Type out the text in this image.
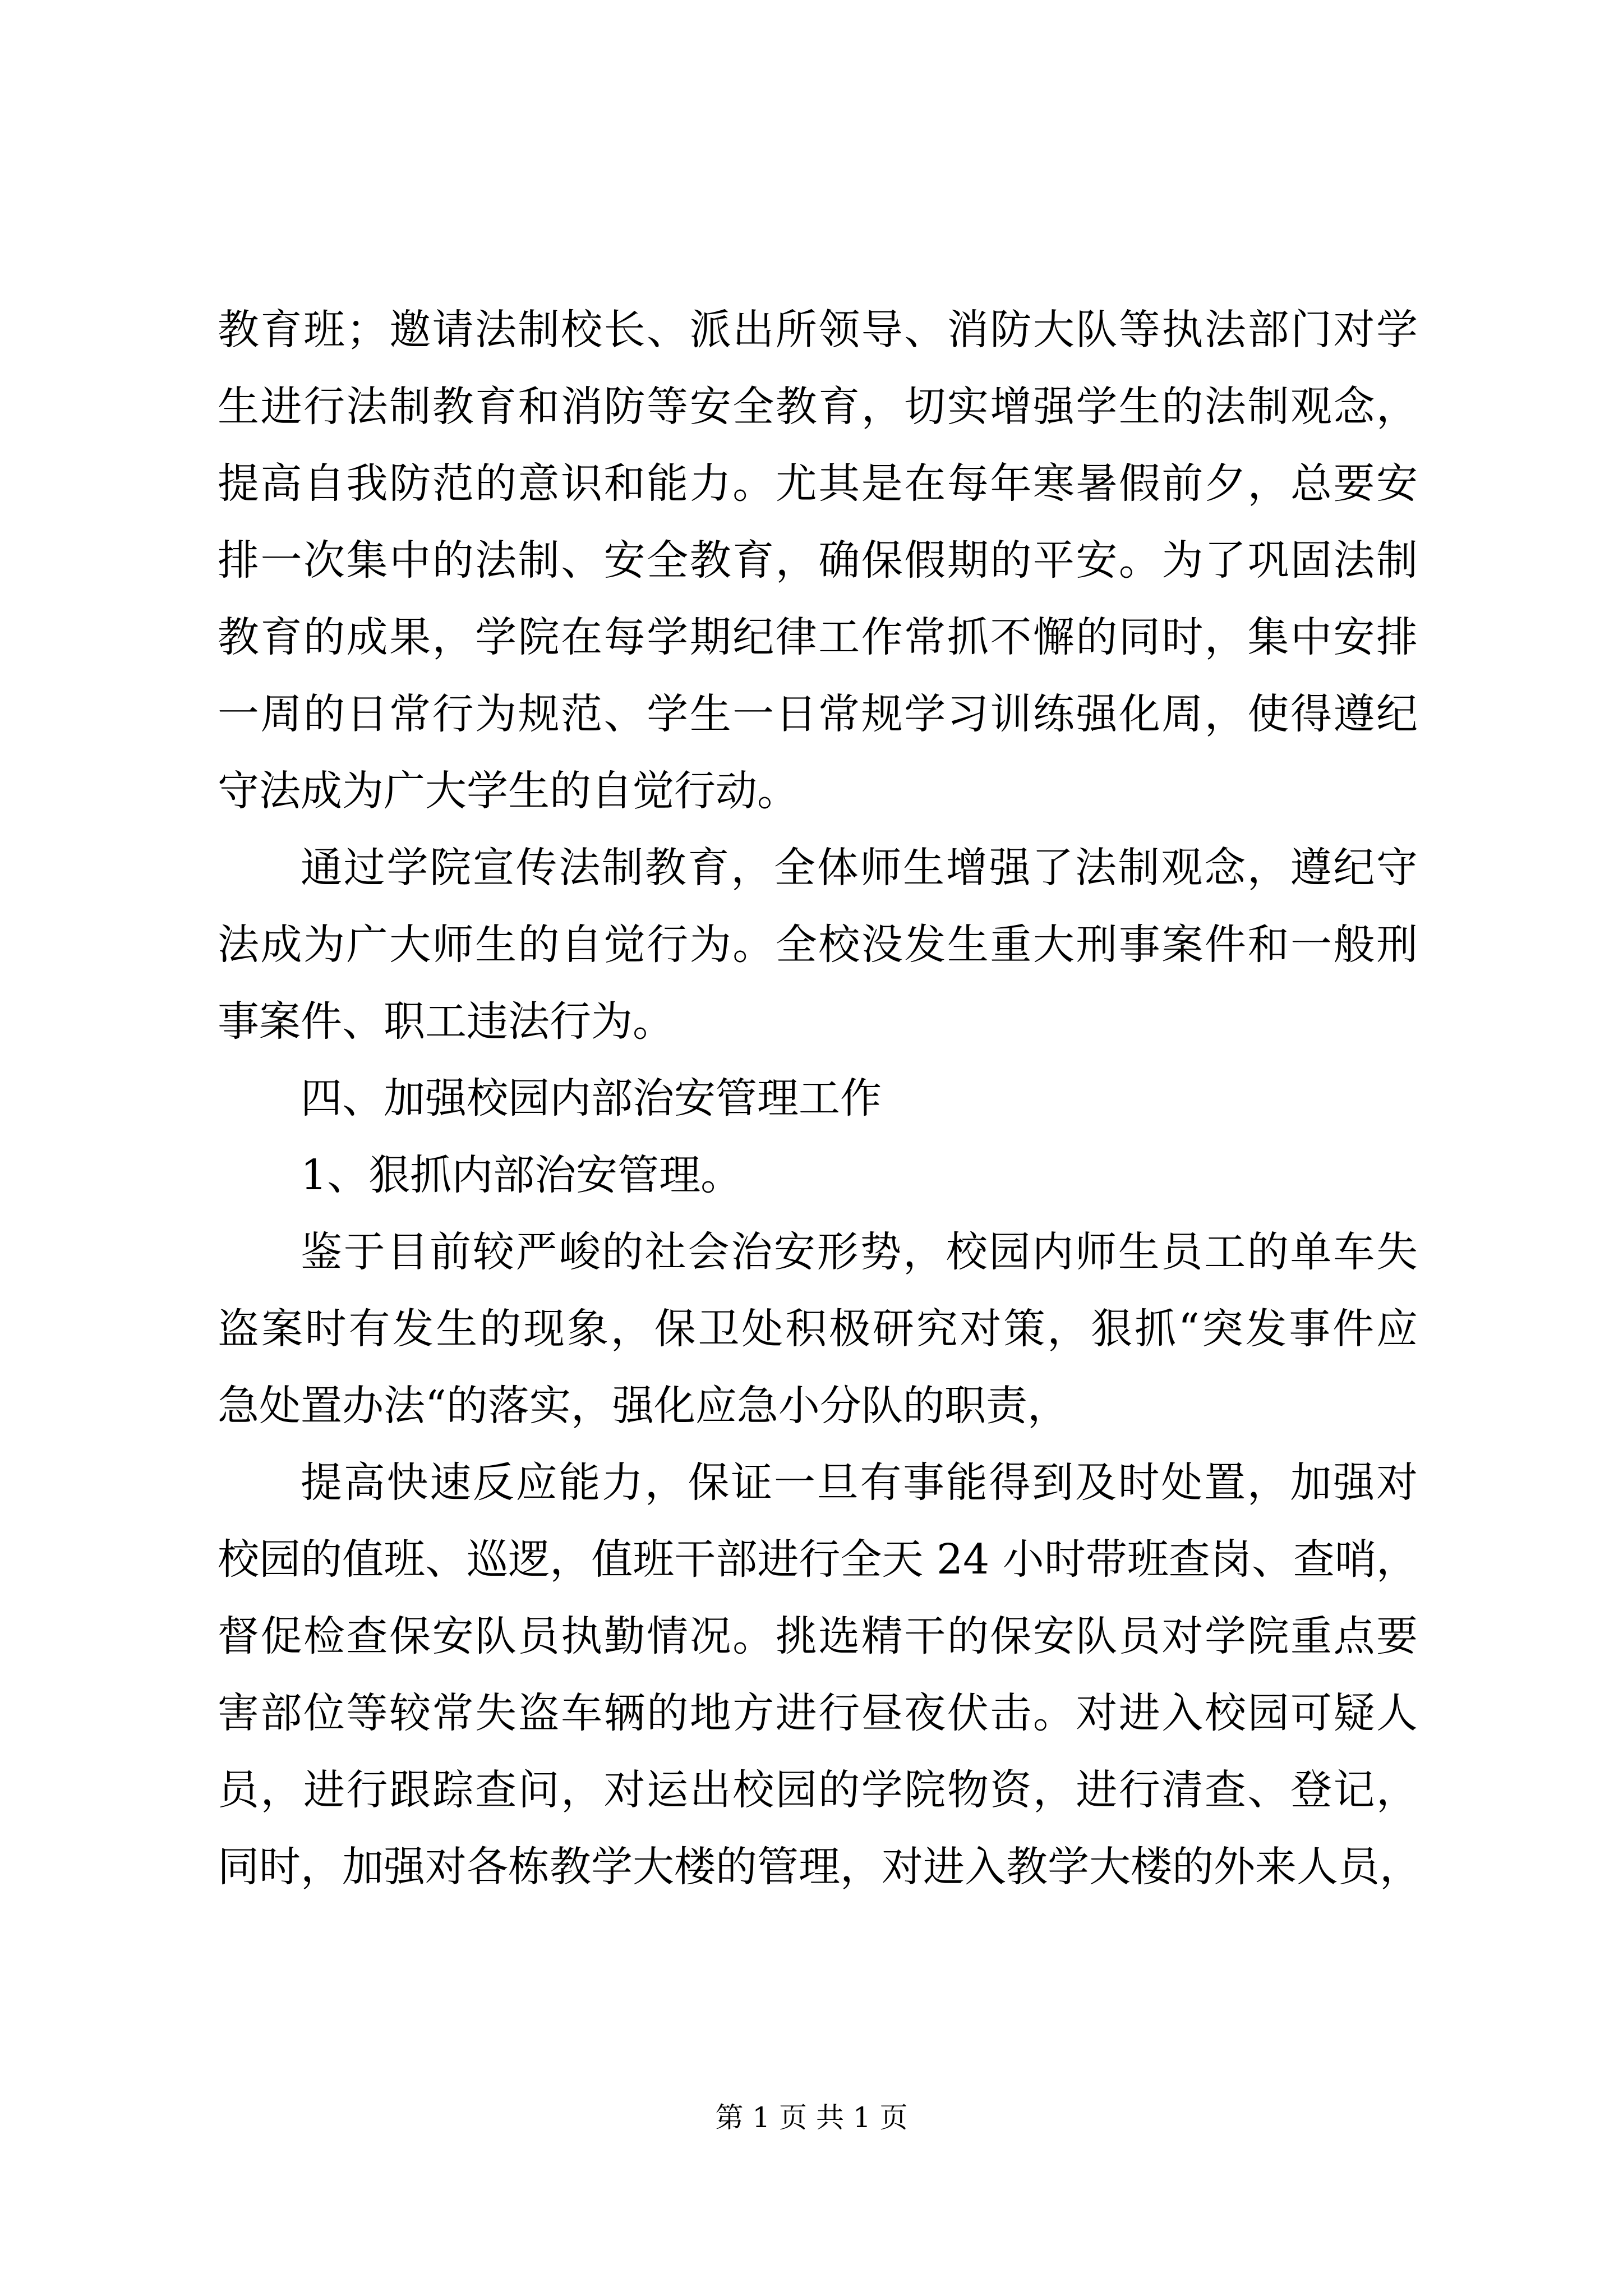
教育班；邀请法制校长、派出所领导、消防大队等执法部门对学
生进行法制教育和消防等安全教育，切实增强学生的法制观念，
提高自我防范的意识和能力。尤其是在每年寒暑假前夕，总要安
排一次集中的法制、安全教育，确保假期的平安。为了巩固法制
教育的成果，学院在每学期纪律工作常抓不懈的同时，集中安排
一周的日常行为规范、学生一日常规学习训练强化周，使得遵纪
守法成为广大学生的自觉行动。
通过学院宣传法制教育，全体师生增强了法制观念，遵纪守
法成为广大师生的自觉行为。全校没发生重大刑事案件和一般刑
事案件、职工违法行为。
四、加强校园内部治安管理工作
1、狠抓内部治安管理。
鉴于目前较严峻的社会治安形势，校园内师生员工的单车失
盗案时有发生的现象，保卫处积极研究对策，狠抓“突发事件应
急处置办法“的落实，强化应急小分队的职责，
提高快速反应能力，保证一旦有事能得到及时处置，加强对
校园的值班、巡逻，值班干部进行全天 24 小时带班查岗、查哨，
督促检查保安队员执勤情况。挑选精干的保安队员对学院重点要
害部位等较常失盗车辆的地方进行昼夜伏击。对进入校园可疑人
员，进行跟踪查问，对运出校园的学院物资，进行清查、登记，
同时，加强对各栋教学大楼的管理，对进入教学大楼的外来人员，
第 1 页 共 1 页
